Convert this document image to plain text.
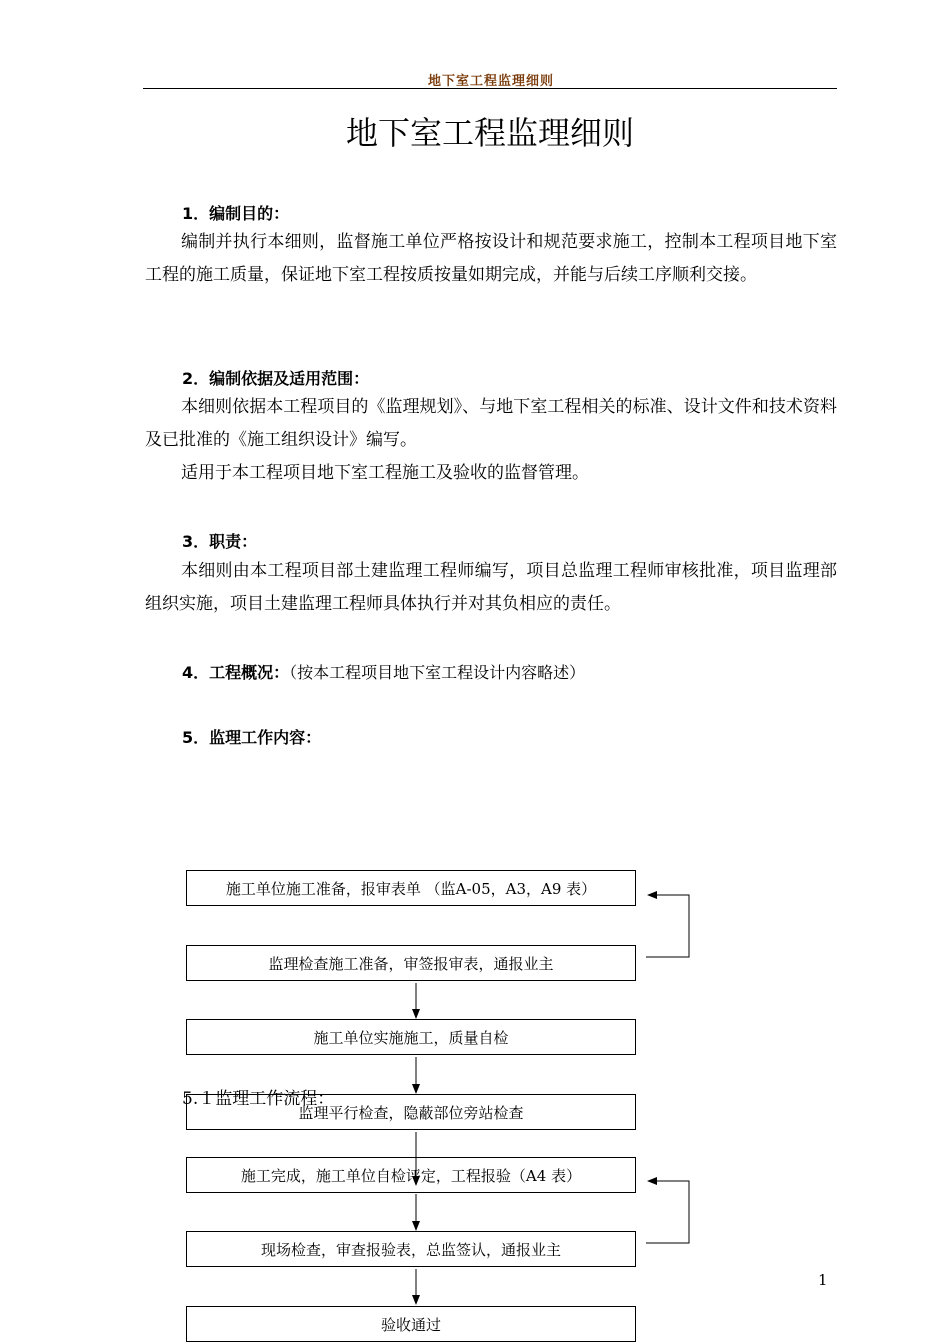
地下室工程监理细则
地下室工程监理细则
1．编制目的：
编制并执行本细则，监督施工单位严格按设计和规范要求施工，控制本工程项目地下室工程的施工质量，保证地下室工程按质按量如期完成，并能与后续工序顺利交接。
2．编制依据及适用范围：
本细则依据本工程项目的《监理规划》、与地下室工程相关的标准、设计文件和技术资料及已批准的《施工组织设计》编写。
适用于本工程项目地下室工程施工及验收的监督管理。
3．职责：
本细则由本工程项目部土建监理工程师编写，项目总监理工程师审核批准，项目监理部组织实施，项目土建监理工程师具体执行并对其负相应的责任。
4．工程概况：（按本工程项目地下室工程设计内容略述）
5．监理工作内容：
施工单位施工准备，报审表单 （监A-05，A3，A9 表）
监理检查施工准备，审签报审表，通报业主
施工单位实施施工，质量自检
监理平行检查，隐蔽部位旁站检查
施工完成，施工单位自检评定，工程报验（A4 表）
现场检查，审查报验表，总监签认，通报业主
验收通过
5.１监理工作流程：
1
